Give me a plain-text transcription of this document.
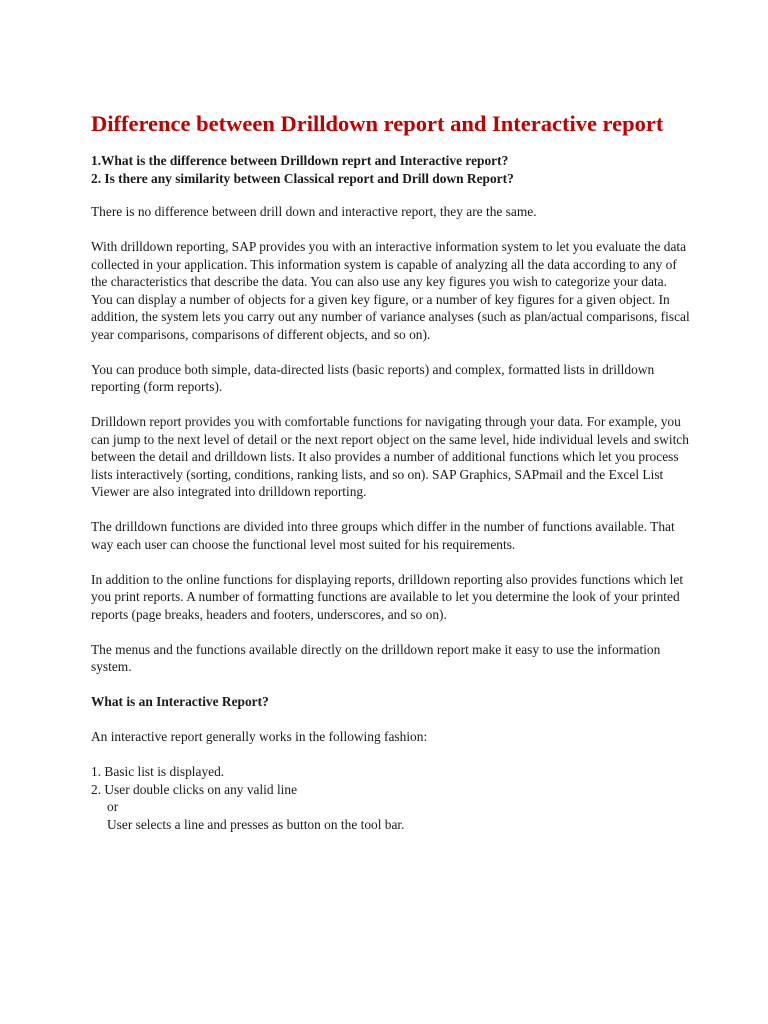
Difference between Drilldown report and Interactive report
1.What is the difference between Drilldown reprt and Interactive report?
2. Is there any similarity between Classical report and Drill down Report?

There is no difference between drill down and interactive report, they are the same.

With drilldown reporting, SAP provides you with an interactive information system to let you evaluate the data collected in your application. This information system is capable of analyzing all the data according to any of the characteristics that describe the data. You can also use any key figures you wish to categorize your data. You can display a number of objects for a given key figure, or a number of key figures for a given object. In addition, the system lets you carry out any number of variance analyses (such as plan/actual comparisons, fiscal year comparisons, comparisons of different objects, and so on).

You can produce both simple, data-directed lists (basic reports) and complex, formatted lists in drilldown reporting (form reports).

Drilldown report provides you with comfortable functions for navigating through your data. For example, you can jump to the next level of detail or the next report object on the same level, hide individual levels and switch between the detail and drilldown lists. It also provides a number of additional functions which let you process lists interactively (sorting, conditions, ranking lists, and so on). SAP Graphics, SAPmail and the Excel List Viewer are also integrated into drilldown reporting.

The drilldown functions are divided into three groups which differ in the number of functions available. That way each user can choose the functional level most suited for his requirements.

In addition to the online functions for displaying reports, drilldown reporting also provides functions which let you print reports. A number of formatting functions are available to let you determine the look of your printed reports (page breaks, headers and footers, underscores, and so on).

The menus and the functions available directly on the drilldown report make it easy to use the information system.

What is an Interactive Report?

An interactive report generally works in the following fashion:

1. Basic list is displayed.
2. User double clicks on any valid line
or
User selects a line and presses as button on the tool bar.
